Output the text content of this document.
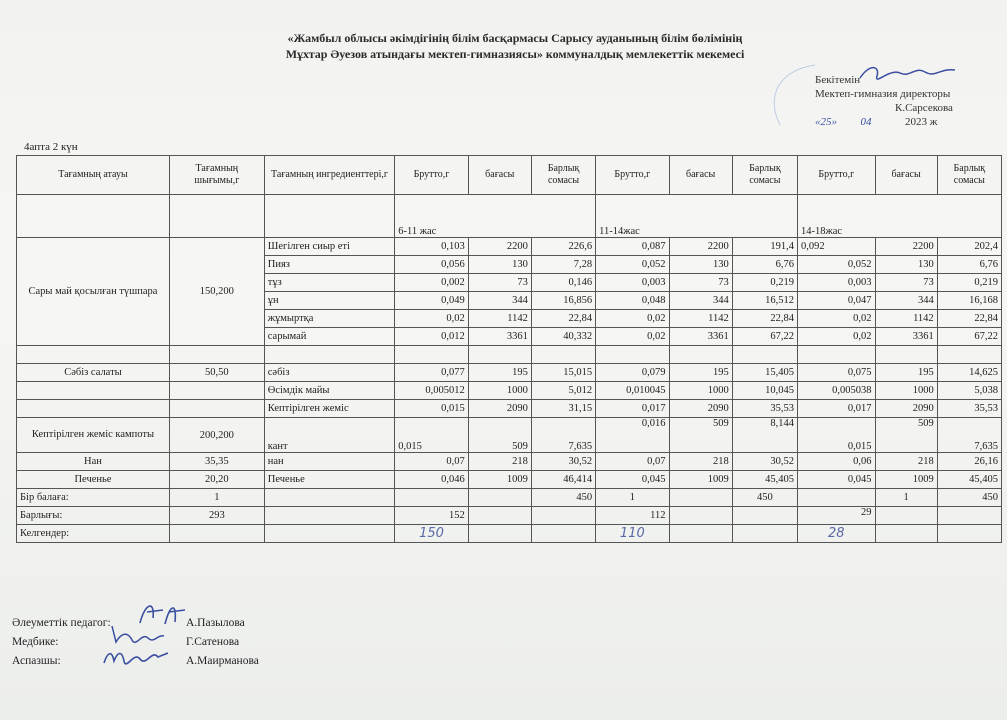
«Жамбыл облысы әкімдігінің білім басқармасы Сарысу ауданының білім бөлімінің
Мұхтар Әуезов атындағы мектеп-гимназиясы» коммуналдық мемлекеттік мекемесі
Бекітемін
Мектеп-гимназия директоры
К.Сарсекова
«25» 04	2023 ж
4апта 2 күн
Тағамның атауы	Тағамның шығымы,г	Тағамның ингредиенттері,г	Брутто,г	бағасы	Барлық сомасы	Брутто,г	бағасы	Барлық сомасы	Брутто,г	бағасы	Барлық сомасы
			6-11 жас			11-14жас			14-18жас		
Сары май қосылған түшпара	150,200	Шегілген сиыр еті	0,103	2200	226,6	0,087	2200	191,4	0,092	2200	202,4
		Пияз	0,056	130	7,28	0,052	130	6,76	0,052	130	6,76
		тұз	0,002	73	0,146	0,003	73	0,219	0,003	73	0,219
		ұн	0,049	344	16,856	0,048	344	16,512	0,047	344	16,168
		жұмыртқа	0,02	1142	22,84	0,02	1142	22,84	0,02	1142	22,84
		сарымай	0,012	3361	40,332	0,02	3361	67,22	0,02	3361	67,22

Сәбіз салаты	50,50	сәбіз	0,077	195	15,015	0,079	195	15,405	0,075	195	14,625
		Өсімдік майы	0,005012	1000	5,012	0,010045	1000	10,045	0,005038	1000	5,038
		Кептірілген жеміс	0,015	2090	31,15	0,017	2090	35,53	0,017	2090	35,53
Кептірілген жеміс кампоты	200,200	кант	0,015	509	7,635	0,016	509	8,144	0,015	509	7,635
Нан	35,35	нан	0,07	218	30,52	0,07	218	30,52	0,06	218	26,16
Печенье	20,20	Печенье	0,046	1009	46,414	0,045	1009	45,405	0,045	1009	45,405
Бір балаға:	1				450	1		450		1	450
Барлығы:	293		152			112			29		
Келгендер:			150			110			28		
Әлеуметтік педагог:	А.Пазылова
Медбике:	Г.Сатенова
Аспазшы:	А.Маирманова
